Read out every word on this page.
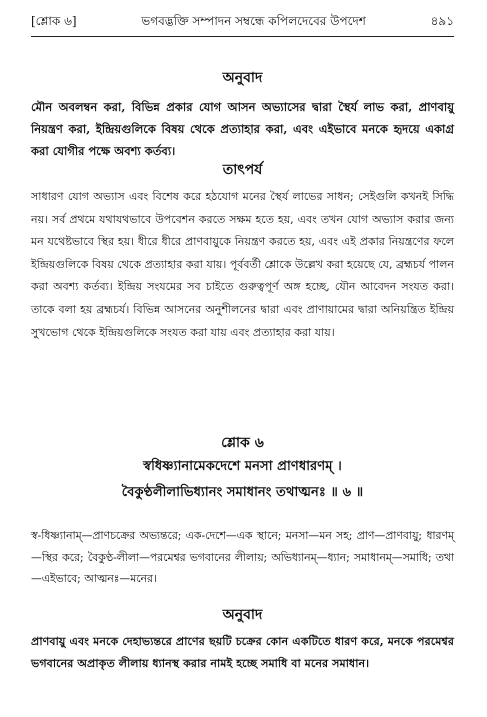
[শ্লোক ৬]	ভগবদ্ভক্তি সম্পাদন সম্বন্ধে কপিলদেবের উপদেশ	৪৯১
অনুবাদ
মৌন অবলম্বন করা, বিভিন্ন প্রকার যোগ আসন অভ্যাসের দ্বারা স্থৈর্য লাভ করা, প্রাণবায়ু নিয়ন্ত্রণ করা, ইন্দ্রিয়গুলিকে বিষয় থেকে প্রত্যাহার করা, এবং এইভাবে মনকে হৃদয়ে একাগ্র করা যোগীর পক্ষে অবশ্য কর্তব্য।
তাৎপর্য
সাধারণ যোগ অভ্যাস এবং বিশেষ করে হঠযোগ মনের স্থৈর্য লাভের সাধন; সেইগুলি কখনই সিদ্ধি নয়। সর্ব প্রথমে যথাযথভাবে উপবেশন করতে সক্ষম হতে হয়, এবং তখন যোগ অভ্যাস করার জন্য মন যথেষ্টভাবে স্থির হয়। ধীরে ধীরে প্রাণবায়ুকে নিয়ন্ত্রণ করতে হয়, এবং এই প্রকার নিয়ন্ত্রণের ফলে ইন্দ্রিয়গুলিকে বিষয় থেকে প্রত্যাহার করা যায়। পূর্ববর্তী শ্লোকে উল্লেখ করা হয়েছে যে, ব্রহ্মচর্য পালন করা অবশ্য কর্তব্য। ইন্দ্রিয় সংযমের সব চাইতে গুরুত্বপূর্ণ অঙ্গ হচ্ছে, যৌন আবেদন সংযত করা। তাকে বলা হয় ব্রহ্মচর্য। বিভিন্ন আসনের অনুশীলনের দ্বারা এবং প্রাণায়ামের দ্বারা অনিয়ন্ত্রিত ইন্দ্রিয় সুখভোগ থেকে ইন্দ্রিয়গুলিকে সংযত করা যায় এবং প্রত্যাহার করা যায়।
শ্লোক ৬
স্বধিষ্ণ্যানামেকদেশে মনসা প্রাণধারণম্ ।
বৈকুণ্ঠলীলাভিধ্যানং সমাধানং তথাত্মনঃ ॥ ৬ ॥
স্ব-ধিষ্ণ্যানাম্—প্রাণচক্রের অভ্যন্তরে; এক-দেশে—এক স্থানে; মনসা—মন সহ; প্রাণ—প্রাণবায়ু; ধারণম্—স্থির করে; বৈকুণ্ঠ-লীলা—পরমেশ্বর ভগবানের লীলায়; অভিধ্যানম্—ধ্যান; সমাধানম্—সমাধি; তথা—এইভাবে; আত্মনঃ—মনের।
অনুবাদ
প্রাণবায়ু এবং মনকে দেহাভ্যন্তরে প্রাণের ছয়টি চক্রের কোন একটিতে ধারণ করে, মনকে পরমেশ্বর ভগবানের অপ্রাকৃত লীলায় ধ্যানস্থ করার নামই হচ্ছে সমাধি বা মনের সমাধান।
